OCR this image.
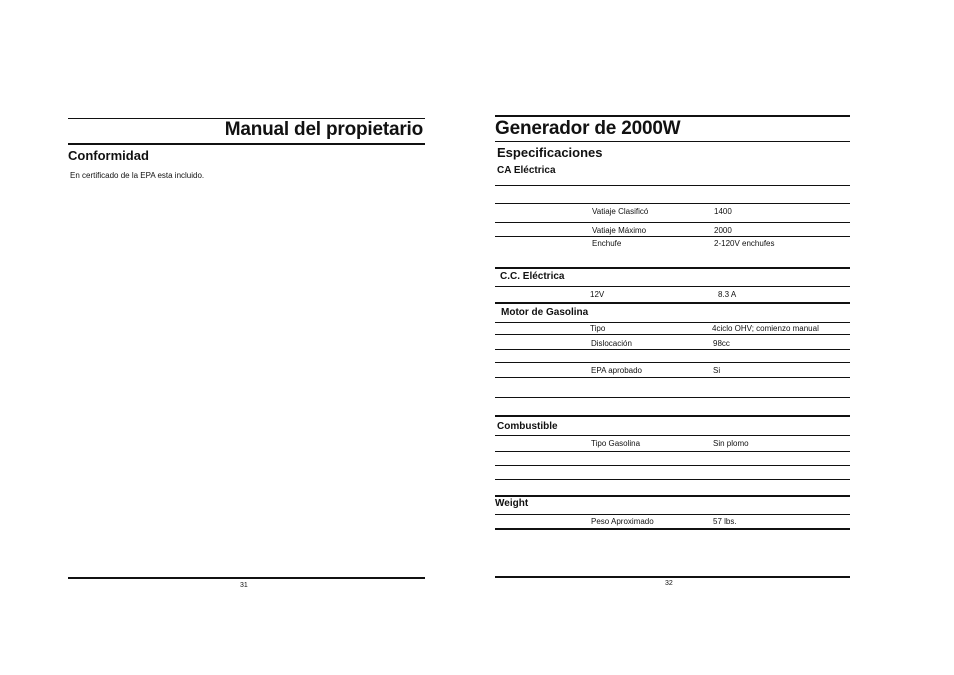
Manual del propietario
Conformidad
En certificado de la EPA esta incluido.
31
Generador de 2000W
Especificaciones
CA Eléctrica
Vatiaje Clasificó	1400
Vatiaje Máximo	2000
Enchufe	2-120V enchufes
C.C. Eléctrica
12V	8.3 A
Motor de Gasolina
Tipo	4ciclo OHV; comienzo manual
Dislocación	98cc
EPA aprobado	Si
Combustible
Tipo Gasolina	Sin plomo
Weight
Peso Aproximado	57 lbs.
32
